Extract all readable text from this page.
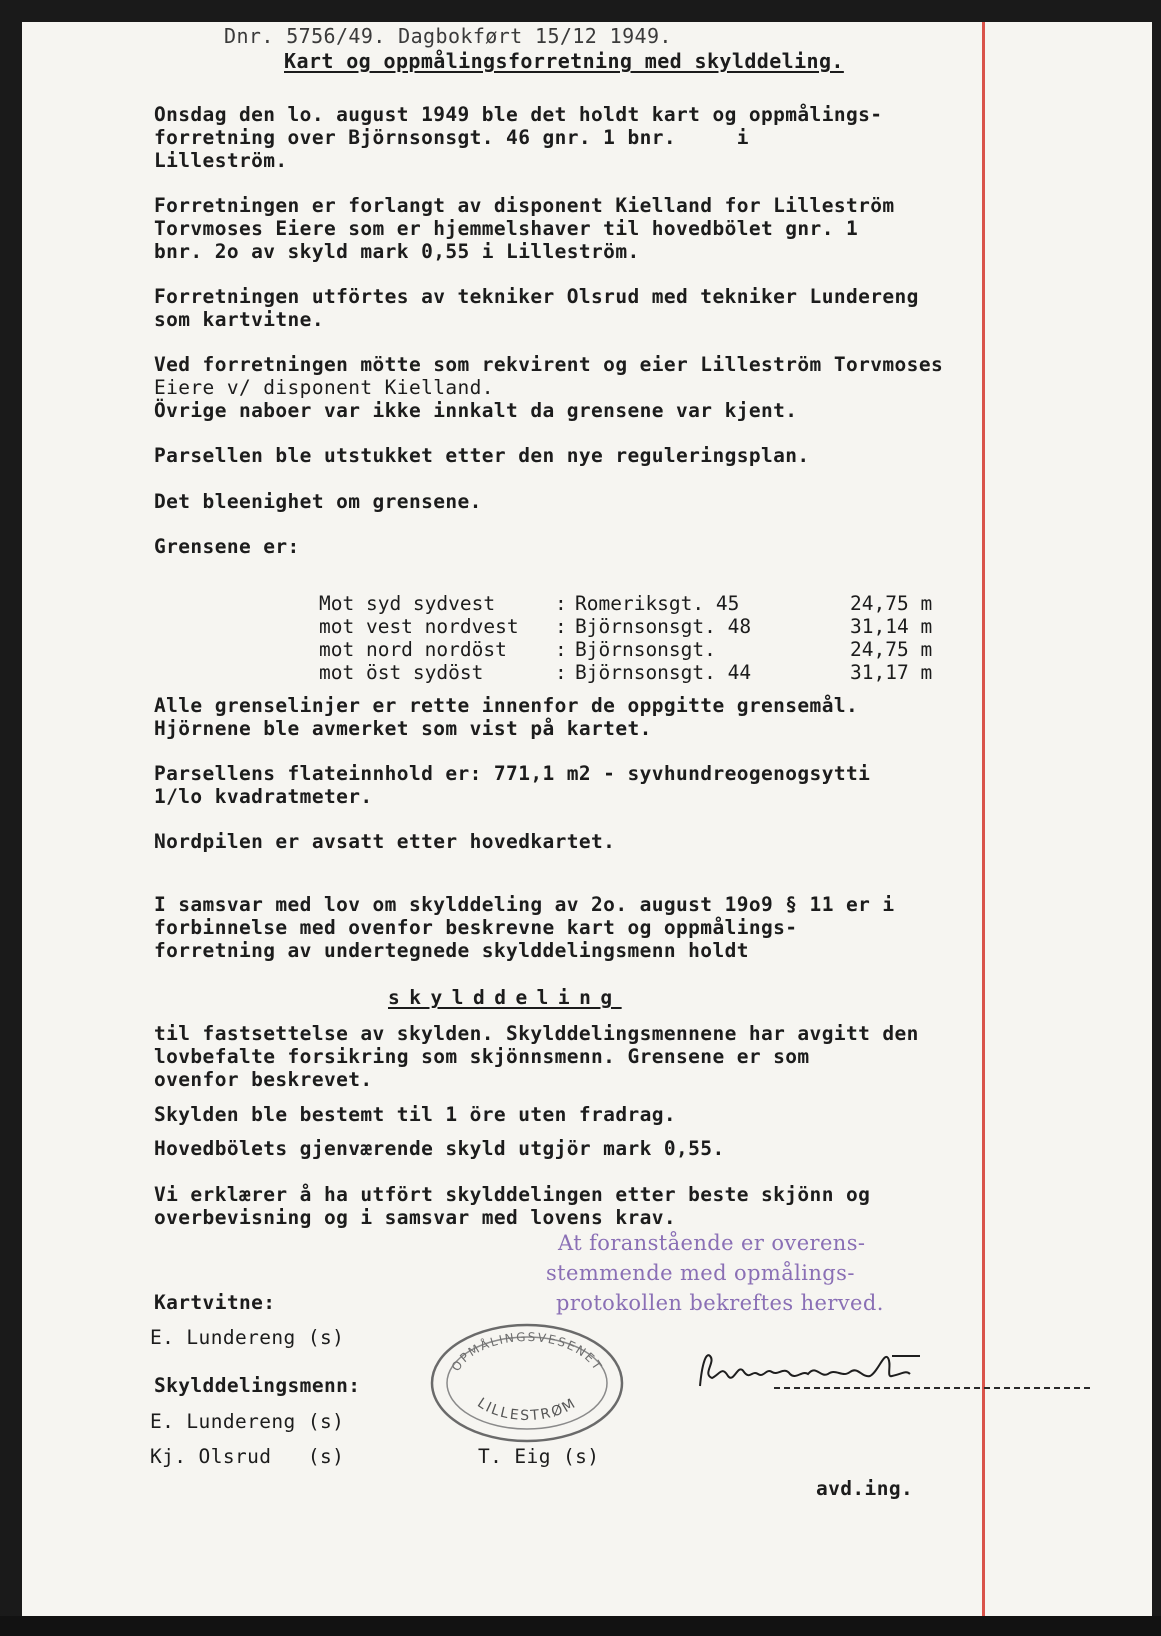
Dnr. 5756/49. Dagbokført 15/12 1949.
Kart og oppmålingsforretning med skylddeling.
Onsdag den lo. august 1949 ble det holdt kart og oppmålings-
forretning over Björnsonsgt. 46 gnr. 1 bnr.     i
Lilleström.
Forretningen er forlangt av disponent Kielland for Lilleström
Torvmoses Eiere som er hjemmelshaver til hovedbölet gnr. 1
bnr. 2o av skyld mark 0,55 i Lilleström.
Forretningen utförtes av tekniker Olsrud med tekniker Lundereng
som kartvitne.
Ved forretningen mötte som rekvirent og eier Lilleström Torvmoses
Eiere v/ disponent Kielland.
Övrige naboer var ikke innkalt da grensene var kjent.
Parsellen ble utstukket etter den nye reguleringsplan.
Det bleenighet om grensene.
Grensene er:
Mot syd sydvest	: Romeriksgt. 45	24,75 m
mot vest nordvest : Björnsonsgt. 48	31,14 m
mot nord nordöst : Björnsonsgt.	24,75 m
mot öst sydöst	: Björnsonsgt. 44	31,17 m
Alle grenselinjer er rette innenfor de oppgitte grensemål.
Hjörnene ble avmerket som vist på kartet.
Parsellens flateinnhold er: 771,1 m2 - syvhundreogenogsytti
1/lo kvadratmeter.
Nordpilen er avsatt etter hovedkartet.
I samsvar med lov om skylddeling av 2o. august 19o9 § 11 er i
forbinnelse med ovenfor beskrevne kart og oppmålings-
forretning av undertegnede skylddelingsmenn holdt
skylddeling
til fastsettelse av skylden. Skylddelingsmennene har avgitt den
lovbefalte forsikring som skjönnsmenn. Grensene er som
ovenfor beskrevet.
Skylden ble bestemt til 1 öre uten fradrag.
Hovedbölets gjenværende skyld utgjör mark 0,55.
Vi erklærer å ha utfört skylddelingen etter beste skjönn og
overbevisning og i samsvar med lovens krav.
At foranstående er overens-
stemmende med opmålings-
protokollen bekreftes herved.
Kartvitne:
E. Lundereng (s)
Skylddelingsmenn:
E. Lundereng (s)
Kj. Olsrud   (s)	T. Eig (s)
OPMÅLINGSVESENET
LILLESTRØM
avd.ing.
